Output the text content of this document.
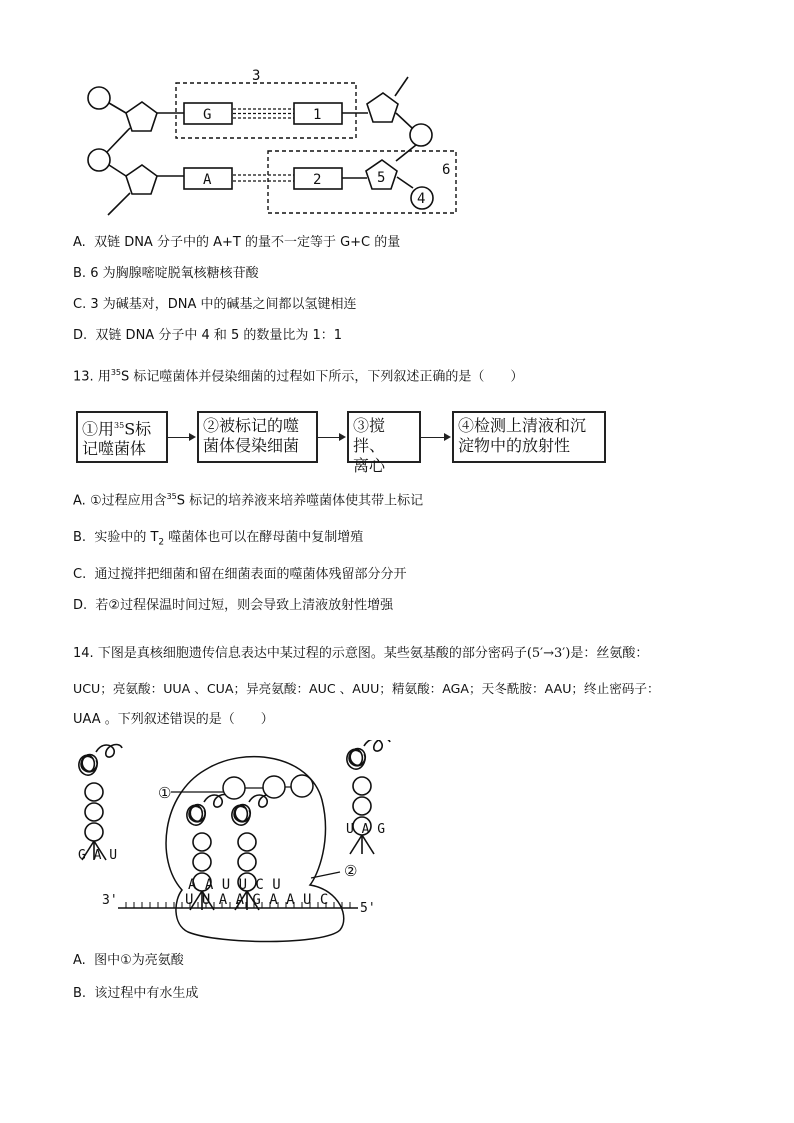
3
6
G	1
A	2	5
4
A. 双链 DNA 分子中的 A+T 的量不一定等于 G+C 的量
B. 6 为胸腺嘧啶脱氧核糖核苷酸
C. 3 为碱基对，DNA 中的碱基之间都以氢键相连
D. 双链 DNA 分子中 4 和 5 的数量比为 1：1
13. 用$^{35}$S 标记噬菌体并侵染细菌的过程如下所示，下列叙述正确的是（　　）
①用$^{35}$S标
记噬菌体
②被标记的噬
菌体侵染细菌
③搅拌、
离心
④检测上清液和沉
淀物中的放射性
A. ①过程应用含$^{35}$S 标记的培养液来培养噬菌体使其带上标记
B. 实验中的 $T_2$ 噬菌体也可以在酵母菌中复制增殖
C. 通过搅拌把细菌和留在细菌表面的噬菌体残留部分分开
D. 若②过程保温时间过短，则会导致上清液放射性增强
14. 下图是真核细胞遗传信息表达中某过程的示意图。某些氨基酸的部分密码子(5′→3′)是：丝氨酸：
UCU；亮氨酸：UUA 、CUA；异亮氨酸：AUC 、AUU；精氨酸：AGA；天冬酰胺：AAU；终止密码子：
UAA 。下列叙述错误的是（　　）
G A U
U A G
A A U U C U
U U A A G A A U C
3'
5'
①
②
A. 图中①为亮氨酸
B. 该过程中有水生成
